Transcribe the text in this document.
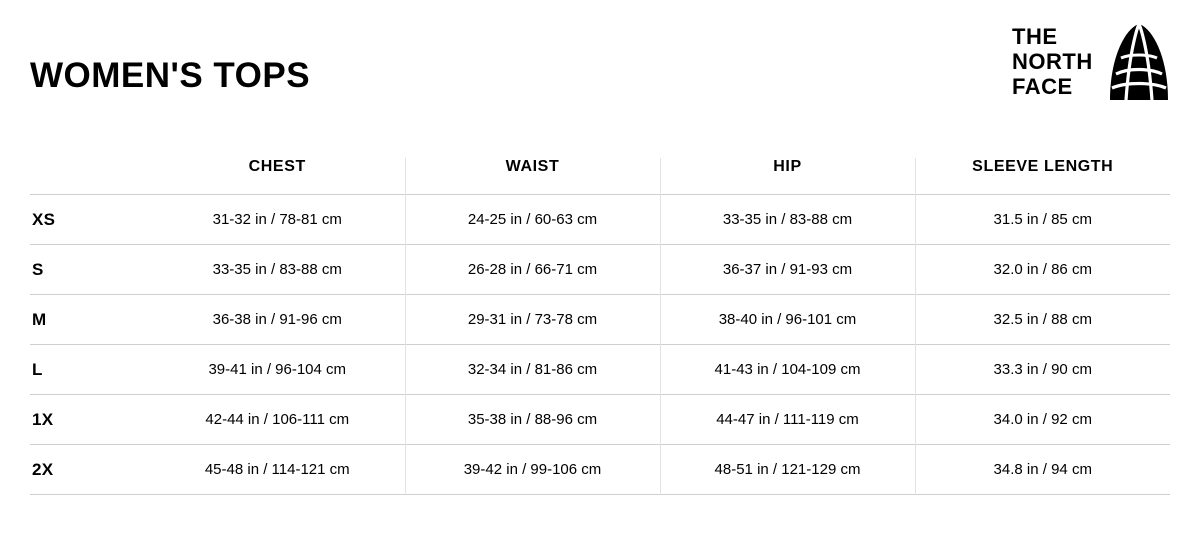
WOMEN'S TOPS
THE
NORTH
FACE
	CHEST	WAIST	HIP	SLEEVE LENGTH
XS	31-32 in / 78-81 cm	24-25 in / 60-63 cm	33-35 in / 83-88 cm	31.5 in / 85 cm
S	33-35 in / 83-88 cm	26-28 in / 66-71 cm	36-37 in / 91-93 cm	32.0 in / 86 cm
M	36-38 in / 91-96 cm	29-31 in / 73-78 cm	38-40 in / 96-101 cm	32.5 in / 88 cm
L	39-41 in / 96-104 cm	32-34 in / 81-86 cm	41-43 in / 104-109 cm	33.3 in / 90 cm
1X	42-44 in / 106-111 cm	35-38 in / 88-96 cm	44-47 in / 111-119 cm	34.0 in / 92 cm
2X	45-48 in / 114-121 cm	39-42 in / 99-106 cm	48-51 in / 121-129 cm	34.8 in / 94 cm
